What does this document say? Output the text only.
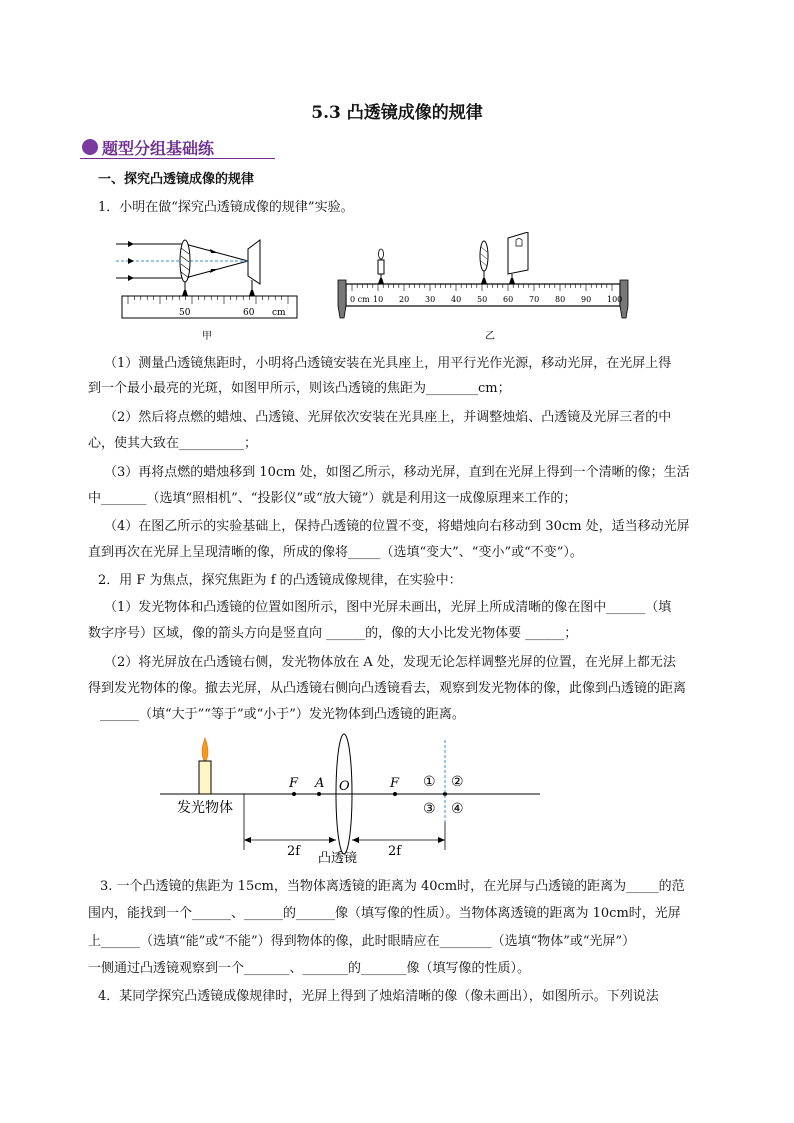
5.3 凸透镜成像的规律
题型分组基础练
一、探究凸透镜成像的规律
1．小明在做“探究凸透镜成像的规律”实验。
50	60 cm
甲
0 cm 10 20 30 40 50 60 70 80 90 100
乙
（1）测量凸透镜焦距时，小明将凸透镜安装在光具座上，用平行光作光源，移动光屏，在光屏上得
到一个最小最亮的光斑，如图甲所示，则该凸透镜的焦距为________cm；
（2）然后将点燃的蜡烛、凸透镜、光屏依次安装在光具座上，并调整烛焰、凸透镜及光屏三者的中
心，使其大致在__________；
（3）再将点燃的蜡烛移到 10cm 处，如图乙所示，移动光屏，直到在光屏上得到一个清晰的像；生活
中_______（选填“照相机”、“投影仪”或“放大镜”）就是利用这一成像原理来工作的；
（4）在图乙所示的实验基础上，保持凸透镜的位置不变，将蜡烛向右移动到 30cm 处，适当移动光屏
直到再次在光屏上呈现清晰的像，所成的像将_____（选填“变大”、“变小”或“不变”）。
2．用 F 为焦点，探究焦距为 f 的凸透镜成像规律，在实验中：
（1）发光物体和凸透镜的位置如图所示，图中光屏未画出，光屏上所成清晰的像在图中______（填
数字序号）区域，像的箭头方向是竖直向 ______的，像的大小比发光物体要 ______；
（2）将光屏放在凸透镜右侧，发光物体放在 A 处，发现无论怎样调整光屏的位置，在光屏上都无法
得到发光物体的像。撤去光屏，从凸透镜右侧向凸透镜看去，观察到发光物体的像，此像到凸透镜的距离
______（填“大于”“等于”或“小于”）发光物体到凸透镜的距离。
F A	F
O	① ②
③ ④
发光物体
2f	2f
凸透镜
3. 一个凸透镜的焦距为 15cm，当物体离透镜的距离为 40cm时，在光屏与凸透镜的距离为_____的范
围内，能找到一个______、______的______像（填写像的性质）。当物体离透镜的距离为 10cm时，光屏
上______（选填“能”或“不能”）得到物体的像，此时眼睛应在________（选填“物体”或“光屏”）
一侧通过凸透镜观察到一个_______、_______的_______像（填写像的性质）。
4．某同学探究凸透镜成像规律时，光屏上得到了烛焰清晰的像（像未画出），如图所示。下列说法
